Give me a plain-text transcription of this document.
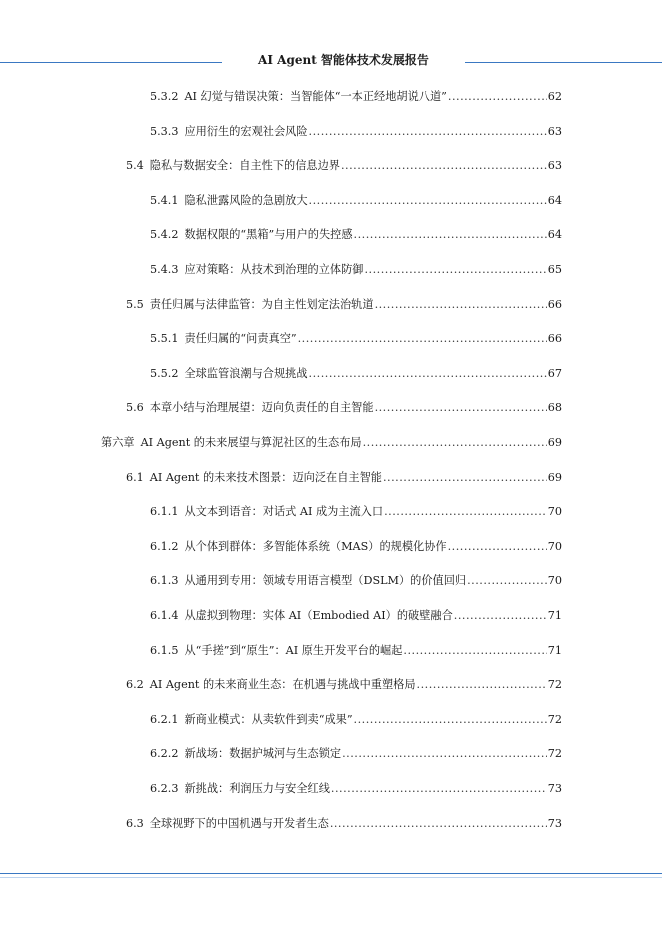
AI Agent 智能体技术发展报告
5.3.2 AI 幻觉与错误决策：当智能体“一本正经地胡说八道” .....	62
5.3.3 应用衍生的宏观社会风险 .....	63
5.4 隐私与数据安全：自主性下的信息边界 .....	63
5.4.1 隐私泄露风险的急剧放大 .....	64
5.4.2 数据权限的“黑箱”与用户的失控感 .....	64
5.4.3 应对策略：从技术到治理的立体防御 .....	65
5.5 责任归属与法律监管：为自主性划定法治轨道 .....	66
5.5.1 责任归属的“问责真空” .....	66
5.5.2 全球监管浪潮与合规挑战 .....	67
5.6 本章小结与治理展望：迈向负责任的自主智能 .....	68
第六章 AI Agent 的未来展望与算泥社区的生态布局 .....	69
6.1 AI Agent 的未来技术图景：迈向泛在自主智能 .....	69
6.1.1 从文本到语音：对话式 AI 成为主流入口 .....	70
6.1.2 从个体到群体：多智能体系统（MAS）的规模化协作 .....	70
6.1.3 从通用到专用：领域专用语言模型（DSLM）的价值回归 .....	70
6.1.4 从虚拟到物理：实体 AI（Embodied AI）的破壁融合 .....	71
6.1.5 从“手搓”到“原生”：AI 原生开发平台的崛起 .....	71
6.2 AI Agent 的未来商业生态：在机遇与挑战中重塑格局 .....	72
6.2.1 新商业模式：从卖软件到卖“成果” .....	72
6.2.2 新战场：数据护城河与生态锁定 .....	72
6.2.3 新挑战：利润压力与安全红线 .....	73
6.3 全球视野下的中国机遇与开发者生态 .....	73
